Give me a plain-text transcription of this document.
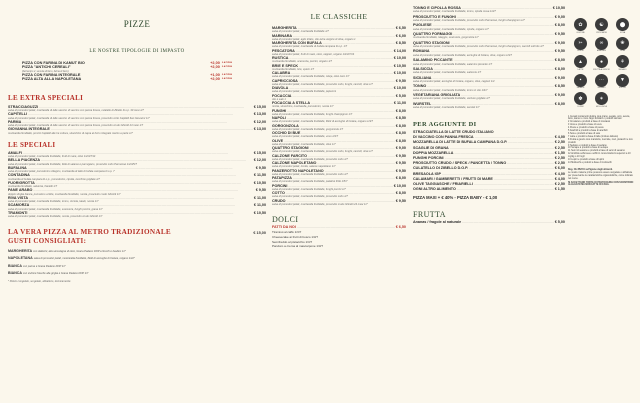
PIZZE
LE NOSTRE TIPOLOGIE DI IMPASTO
PIZZA CON FARINA DI KAMUT BIO	+2,00 € A PIZZA
PIZZA "ANTICHI CEREALI"	+2,00 € A PIZZA
(farina tipo 2, semola di farro, farina di farro)
PIZZA CON FARINA INTEGRALE	+1,00 € A PIZZA
PIZZA ALTA ALLA NAPOLETANA	+2,00 € A PIZZA
LE EXTRA SPECIALI
STRACCIAGUZZI .....	€ 15,00
salsa di pomodori pelati, mozzarella di latte vaccino di vaccino con panna fresca, culatello di Zibello D.o.p. 30 mesi 1/7
CAPITELLI .....	€ 13,00
salsa di pomodori pelati, mozzarella di latte vaccino di vaccino con panna fresca, prosciutto cotto Capitelli San Giovanni 1/7
PARMA .....	€ 12,00
salsa di pomodori pelati, mozzarella di latte vaccino di vaccino con panna fresca, prosciutto crudo Ghiretti 24 mesi 1/7
GIOVANNA INTEGRALE .....	€ 13,00
mozzarella fiordilatte, porcini Capitelli alle tre cottura, stracchino di capra al forno integrale mezzo a parte 1/7
LE SPECIALI
AMALFI .....	€ 15,00
salsa di pomodori pelati, mozzarella fiordilatte, frutti di mare, olive 1/2/4/7/14
BELLA PIACENZA .....	€ 12,00
salsa di pomodori pelati, mozzarella fiordilatte, fette di salame e parmigiano, prosciutto cotto Parmense 1/2/4/5/7
BUFALINA .....	€ 9,50
salsa di pomodori pelati, pomodorino ciliegino, mozzarella di latte di bufala campana D.o.p. 7
CONTADINA .....	€ 11,50
mozzarella di bufala campana D.o.p., pomodorino, cipolla, zucchine grigliate 1/7
FUORIGROTTA .....	€ 10,50
mozzarella fiordilatte, salsiccia, friarielli 1/7
PANE ARABO .....	€ 9,50
doppio sfoglia bianca, pomodoro a fette, mozzarella fiordilatte, rucola, prosciutto crudo Ghiretti 1/7
RIVA VISTA .....	€ 11,00
salsa di pomodori pelati, mozzarella fiordilatte, tonno, ricciola, tataki, rucola 1/7
SCAMORZA .....	€ 11,00
salsa di pomodori pelati, mozzarella fiordilatte, scamorza, funghi porcini, grana 1/7
TRAMONTI .....	€ 10,50
salsa di pomodori pelati, mozzarella fiordilatte, rucola, prosciutto crudo Ghiretti 1/7
LA VERA PIZZA AL METRO TRADIZIONALE	€ 15,00
GUSTI CONSIGLIATI:
MARGHERITA con datterini, alla semolagna di olive, Grana Padano DOP a fiocchi e basilico 1/7
NAPOLETANA salsa di pomodori pelati, mozzarella fiordilatte, filetti di acciughe di Cetara, origano 1/4/7
BIANCA con panna e Grana Padano DOP 1/7
BIANCA con stufone fresche alla griglia e Grana Padano DOP 1/7
* Pezzo congelato, surgelato, abbattuto, termicamente
LE CLASSICHE
MARGHERITA .....	€ 6,50
salsa di pomodori pelati, mozzarella fiordilatte 1/7
MARINARA .....	€ 6,00
salsa di pomodori pelati, aglio tritato, olio extra vergine di oliva, origano 1
MARGHERITA CON BUFALA .....	€ 8,50
salsa di pomodori pelati, mozzarella di bufala campana D.o.p. 1/7
PESCATORA .....	€ 14,00
salsa di pomodori pelati, frutti di mare, olive, capperi, origano 1/2/4/7/14
RUSTICA .....	€ 10,00
mozzarella fiordilatte, scamorza, porcini, origano 1/7
BRIE E SPECK .....	€ 10,50
mozzarella fiordilatte, brie, speck 1/7
CALABRA .....	€ 10,00
salsa di pomodori pelati, mozzarella fiordilatte, nduja, olive nere 1/7
CAPRICCIOSA .....	€ 9,50
salsa di pomodori pelati, mozzarella fiordilatte, prosciutto cotto, funghi, carciofi, olive 1/7
DIAVOLA .....	€ 10,00
salsa di pomodori pelati, mozzarella fiordilatte, peperoni
FOCACCIA .....	€ 5,00
olio e sale 1
FOCACCIA A STELLA .....	€ 11,00
ricotta, stracchino, mozzarella, pomodorini, rucola 1/7
FUNGHI .....	€ 8,00
salsa di pomodori pelati, mozzarella fiordilatte, funghi champignon 1/7
NAPOLI .....	€ 8,50
salsa di pomodori pelati, mozzarella fiordilatte, filetti di acciughe di Cetara, origano 1/4/7
GORGONZOLA .....	€ 8,00
salsa di pomodori pelati, mozzarella fiordilatte, gorgonzola 1/7
OCCHIO DI BUE .....	€ 8,00
salsa di pomodori pelati, mozzarella fiordilatte, uovo 1/3/7
OLIVE .....	€ 8,00
salsa di pomodori pelati, mozzarella fiordilatte, olive 1/7
QUATTRO STAGIONI .....	€ 9,00
salsa di pomodori pelati, mozzarella fiordilatte, prosciutto cotto, funghi, carciofi, olive 1/7
CALZONE FARCITO .....	€ 9,50
salsa di pomodori pelati, mozzarella fiordilatte, prosciutto cotto 1/7
CALZONE NAPOLETANO .....	€ 9,50
salsa di pomodori pelati, ricotta, salame napoletano 1/7
PANZEROTTO NAPOLETANO .....	€ 9,50
salsa di pomodori pelati, mozzarella fiordilatte, prosciutto cotto 1/7
PATAPIZZA .....	€ 8,00
salsa di pomodori pelati, mozzarella fiordilatte, patatine fritte 1/5/7
PORCINI .....	€ 10,00
salsa di pomodori pelati, mozzarella fiordilatte, funghi porcini 1/7
COTTO .....	€ 8,00
salsa di pomodori pelati, mozzarella fiordilatte, prosciutto cotto 1/7
CRUDO .....	€ 9,50
salsa di pomodori pelati, mozzarella fiordilatte, prosciutto crudo Ghiretti 24 mesi 1/7
DOLCI
FATTI DA NOI .....	€ 6,50
Tiramisù al caffè 1/3/7
Cheesecake ai frutti di bosco 1/3/7
Semifreddo al pistacchio 1/3/7
Pandoro a crema al mascarpone 1/3/7
TONNO E CIPOLLA ROSSA .....	€ 10,50
salsa di pomodori pelati, mozzarella fiordilatte, tonno, cipolla rossa 1/4/7
PROSCIUTTO E FUNGHI .....	€ 9,00
salsa di pomodori pelati, mozzarella fiordilatte, prosciutto cotto Parmense, funghi champignon 1/7
PUGLIESE .....	€ 8,00
salsa di pomodori pelati, mozzarella fiordilatte, cipolla, origano 1/7
QUATTRO FORMAGGI .....	€ 9,50
mozzarella fiordilatte, taleggio, scamorza, gorgonzola 1/7
QUATTRO STAGIONI .....	€ 9,00
salsa di pomodori pelati, mozzarella fiordilatte, prosciutto cotto Parmense, funghi champignon, carciofi sott'olio 1/7
ROMANA .....	€ 9,50
salsa di pomodori pelati, mozzarella fiordilatte, acciughe di Cetara, olive, origano 1/4/7
SALAMINO PICCANTE .....	€ 8,00
salsa di pomodori pelati, mozzarella fiordilatte, salamino piccante 1/7
SALSICCIA .....	€ 8,00
salsa di pomodori pelati, mozzarella fiordilatte, salsiccia 1/7
SICILIANA .....	€ 9,00
salsa di pomodori pelati, acciughe di Cetara, origano, olive, capperi 1/4
TONNO .....	€ 8,50
salsa di pomodori pelati, mozzarella fiordilatte, tonno in olio 1/4/7
VEGETARIANA GRIGLIATA .....	€ 9,00
salsa di pomodori pelati, mozzarella fiordilatte, verdure grigliate 1/7
WURSTEL .....	€ 8,00
salsa di pomodori pelati, mozzarella fiordilatte, wurstel 1/7
PER AGGIUNTE DI
STRACCIATELLA DI LATTE CRUDO ITALIANO
DI VACCINO CON PANNA FRESCA .....	€ 4,00
MOZZARELLA DI LATTE DI BUFALA CAMPANA D.O.P. .....	€ 2,50
SCAGLIE DI GRANA .....	€ 2,50
DOPPIA MOZZARELLA .....	€ 1,50
FUNGHI PORCINI .....	€ 2,50
PROSCIUTTO CRUDO / SPECK / PANCETTA / TONNO .....	€ 2,50
CULATELLO DI ZIBELLO D.O.P. .....	€ 6,00
BRESAOLA IGP .....	€ 4,00
CALAMARI / GAMBERETTI / FRUTTI DI MARE .....	€ 4,00
OLIVE TAGGIASCHE / FRIARIELLI .....	€ 2,50
OGNI ALTRO ALIMENTO .....	€ 1,50
PIZZA MAXI + € 40% - PIZZA BABY - € 1,00
FRUTTA
Ananas / fragole al naturale .....	€ 5,00
✿
GLUTINE
☯
CROSTACEI
⬤
UOVA
➳
PESCE
∞
ARACHIDI
❀
SOIA
▲
LATTE
●
FRUTTA A GUSCIO
⚘
SEDANO
▪
SENAPE
⋯
SESAMO
▼
SOLFITI
✽
LUPINI
✶
MOLLUSCHI
1 Cereali contenenti glutine cioè grano, segale, orzo, avena, farro, kamut o i loro ceppi ibridati e i prodotti derivati
2 Crostacei e prodotti a base di crostacei
3 Uova e prodotti a base di uova
4 Pesce e prodotti a base di pesce
5 Arachidi e prodotti a base di arachidi
6 Soia e prodotti a base di soia
7 Latte e prodotti a base di latte (incluso lattosio)
8 Frutta a guscio cioè mandorle, nocciole, noci, pistacchi e loro prodotti
9 Sedano e prodotti a base di sedano
10 Senape e prodotti a base di senape
11 Semi di sesamo e prodotti a base di semi di sesamo
12 Anidride solforosa e solfiti in concentrazioni superiori a 10 mg/kg o 10 mg/l
13 Lupini e prodotti a base di lupini
14 Molluschi e prodotti a base di molluschi
Reg. CE 852/04 sull'igiene degli alimenti.
Le nostre materie prime possono essere surgelate o abbattute per preservarne le caratteristiche organolettiche, come indicato nel menu.
SI ACCETTANO TORTE DI PASTICCERIA CON SCONTRINO ALLEGATO MA NON FATTE IN CASA.
